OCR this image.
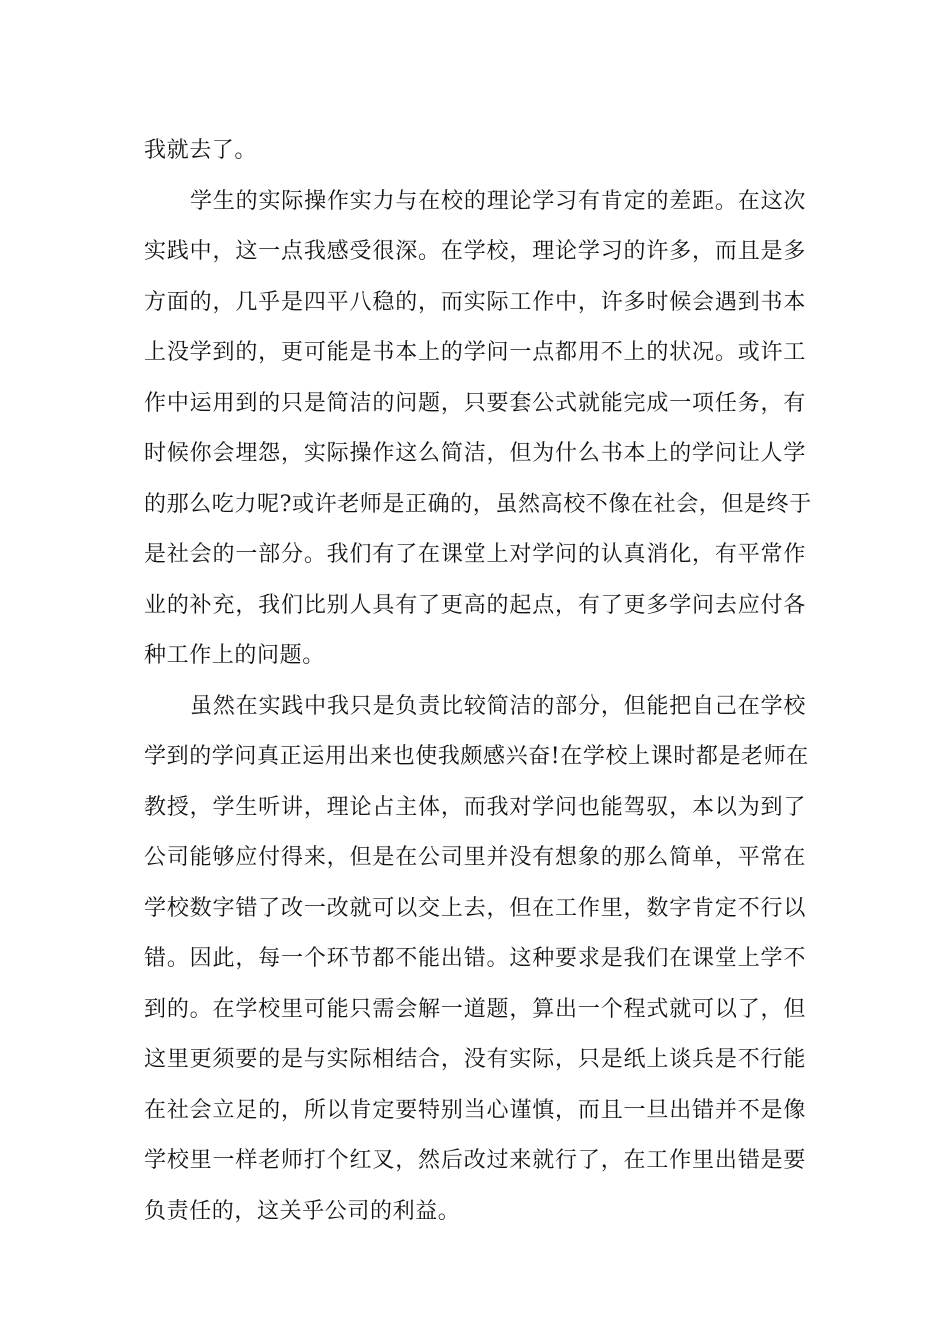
我就去了。
学生的实际操作实力与在校的理论学习有肯定的差距。在这次
实践中，这一点我感受很深。在学校，理论学习的许多，而且是多
方面的，几乎是四平八稳的，而实际工作中，许多时候会遇到书本
上没学到的，更可能是书本上的学问一点都用不上的状况。或许工
作中运用到的只是简洁的问题，只要套公式就能完成一项任务，有
时候你会埋怨，实际操作这么简洁，但为什么书本上的学问让人学
的那么吃力呢?或许老师是正确的，虽然高校不像在社会，但是终于
是社会的一部分。我们有了在课堂上对学问的认真消化，有平常作
业的补充，我们比别人具有了更高的起点，有了更多学问去应付各
种工作上的问题。
虽然在实践中我只是负责比较简洁的部分，但能把自己在学校
学到的学问真正运用出来也使我颇感兴奋!在学校上课时都是老师在
教授，学生听讲，理论占主体，而我对学问也能驾驭，本以为到了
公司能够应付得来，但是在公司里并没有想象的那么简单，平常在
学校数字错了改一改就可以交上去，但在工作里，数字肯定不行以
错。因此，每一个环节都不能出错。这种要求是我们在课堂上学不
到的。在学校里可能只需会解一道题，算出一个程式就可以了，但
这里更须要的是与实际相结合，没有实际，只是纸上谈兵是不行能
在社会立足的，所以肯定要特别当心谨慎，而且一旦出错并不是像
学校里一样老师打个红叉，然后改过来就行了，在工作里出错是要
负责任的，这关乎公司的利益。
